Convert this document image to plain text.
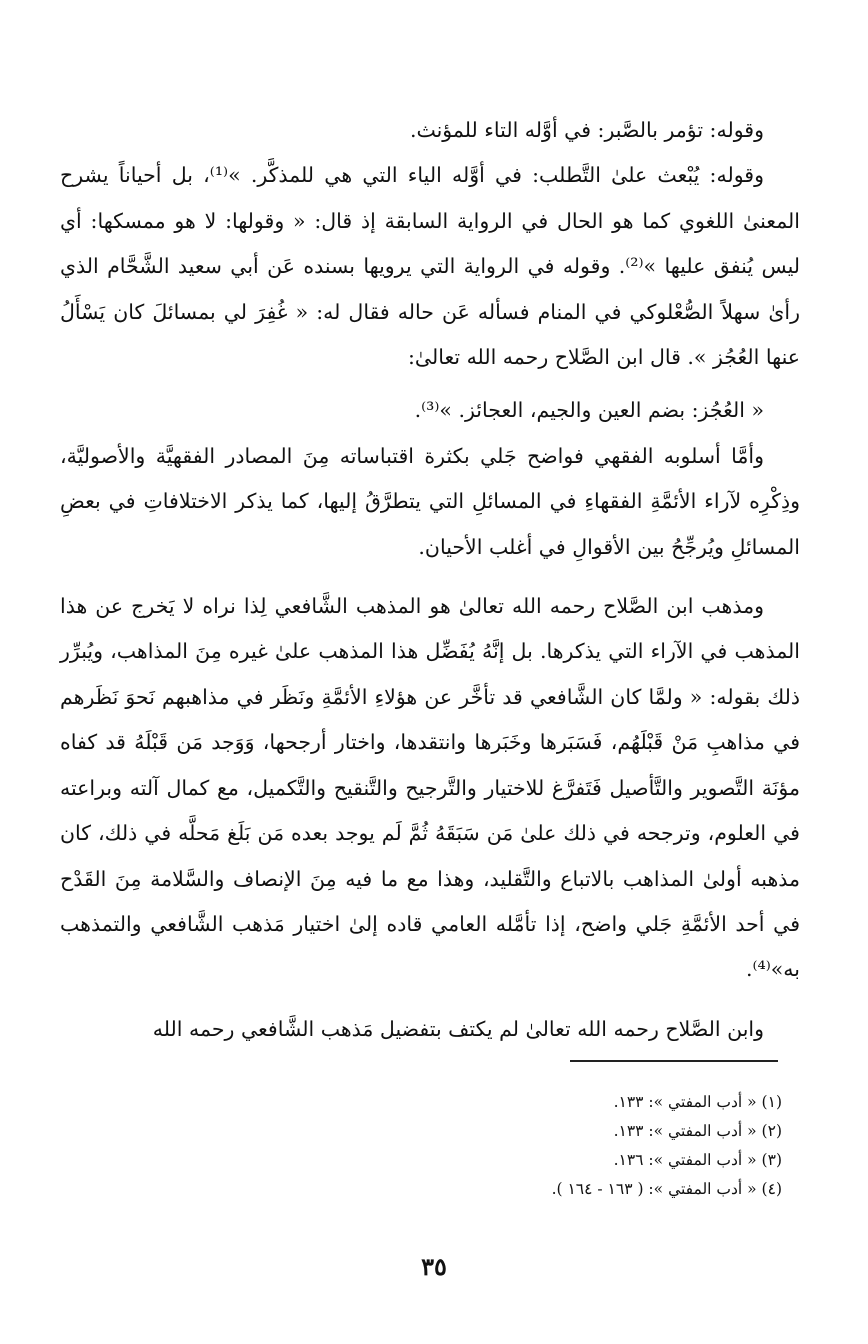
وقوله: تؤمر بالصَّبر: في أوَّله التاء للمؤنث.

وقوله: يُبْعث علىٰ التَّطلب: في أوَّله الياء التي هي للمذكَّر. »⁽¹⁾، بل أحياناً يشرح المعنىٰ اللغوي كما هو الحال في الرواية السابقة إذ قال: « وقولها: لا هو ممسكها: أي ليس يُنفق عليها »⁽²⁾. وقوله في الرواية التي يرويها بسنده عَن أبي سعيد الشَّحَّام الذي رأىٰ سهلاً الصُّعْلوكي في المنام فسأله عَن حاله فقال له: « غُفِرَ لي بمسائلَ كان يَسْأَلُ عنها العُجُز ». قال ابن الصَّلاح رحمه الله تعالىٰ:

« العُجُز: بضم العين والجيم، العجائز. »⁽³⁾.

وأمَّا أسلوبه الفقهي فواضح جَلي بكثرة اقتباساته مِنَ المصادر الفقهيَّة والأصوليَّة، وذِكْرِه لآراء الأئمَّةِ الفقهاءِ في المسائلِ التي يتطرَّقُ إليها، كما يذكر الاختلافاتِ في بعضِ المسائلِ ويُرجِّحُ بين الأقوالِ في أغلب الأحيان.

ومذهب ابن الصَّلاح رحمه الله تعالىٰ هو المذهب الشَّافعي لِذا نراه لا يَخرج عن هذا المذهب في الآراء التي يذكرها. بل إنَّهُ يُفَضِّل هذا المذهب علىٰ غيره مِنَ المذاهب، ويُبرِّر ذلك بقوله: « ولمَّا كان الشَّافعي قد تأخَّر عن هؤلاءِ الأئمَّةِ ونَظَر في مذاهبهم نَحوَ نَظَرهم في مذاهبِ مَنْ قَبْلَهُم، فَسَبَرها وخَبَرها وانتقدها، واختار أرجحها، وَوَجد مَن قَبْلَهُ قد كفاه مؤنَة التَّصوير والتَّأصيل فَتَفرَّغ للاختيار والتَّرجيح والتَّنقيح والتَّكميل، مع كمال آلته وبراعته في العلوم، وترجحه في ذلك علىٰ مَن سَبَقَهُ ثُمَّ لَم يوجد بعده مَن بَلَغ مَحلَّه في ذلك، كان مذهبه أولىٰ المذاهب بالاتباع والتَّقليد، وهذا مع ما فيه مِنَ الإنصاف والسَّلامة مِنَ القَدْح في أحد الأئمَّةِ جَلي واضح، إذا تأمَّله العامي قاده إلىٰ اختيار مَذهب الشَّافعي والتمذهب به»⁽⁴⁾.

وابن الصَّلاح رحمه الله تعالىٰ لم يكتف بتفضيل مَذهب الشَّافعي رحمه الله

(١) « أدب المفتي »: ١٣٣.

(٢) « أدب المفتي »: ١٣٣.

(٣) « أدب المفتي »: ١٣٦.

(٤) « أدب المفتي »: ( ١٦٣ - ١٦٤ ).

٣٥
